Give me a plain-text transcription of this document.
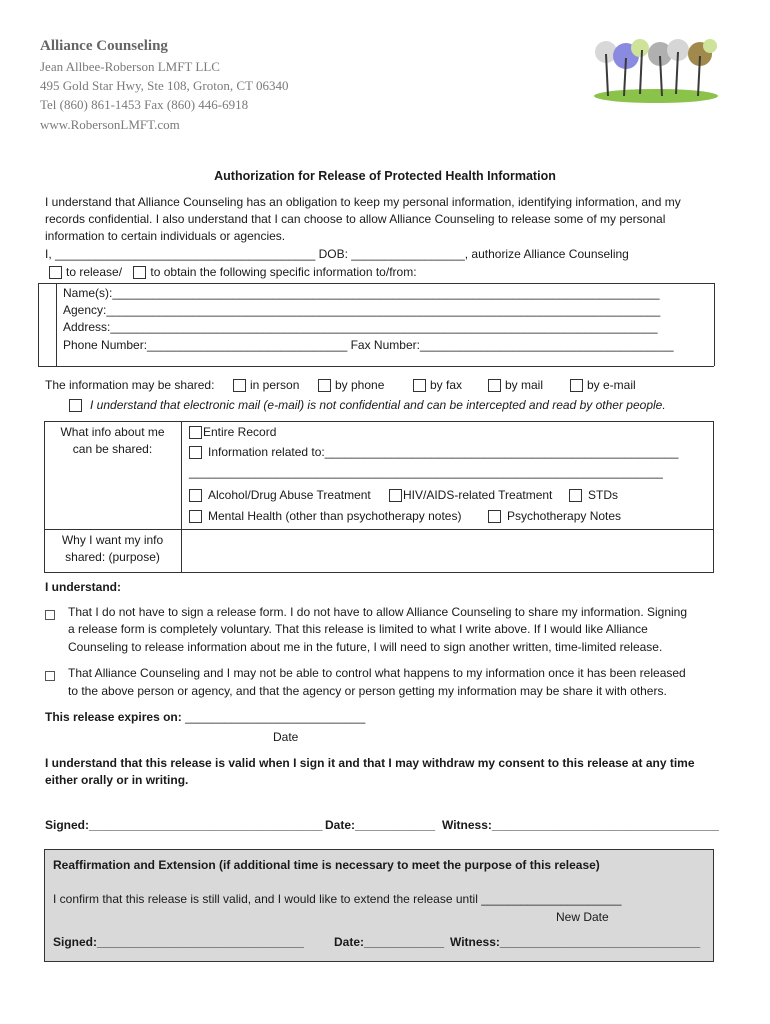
Alliance Counseling
Jean Allbee-Roberson LMFT LLC
495 Gold Star Hwy, Ste 108, Groton, CT 06340
Tel (860) 861-1453 Fax (860) 446-6918
www.RobersonLMFT.com
Authorization for Release of Protected Health Information
I understand that Alliance Counseling has an obligation to keep my personal information, identifying information, and my
records confidential. I also understand that I can choose to allow Alliance Counseling to release some of my personal
information to certain individuals or agencies.
I, _______________________________________ DOB: _________________, authorize Alliance Counseling
to release/ to obtain the following specific information to/from:
Name(s):__________________________________________________________________________________
Agency:___________________________________________________________________________________
Address:__________________________________________________________________________________
Phone Number:______________________________ Fax Number:______________________________________
The information may be shared:	in person	by phone	by fax	by mail	by e-mail
I understand that electronic mail (e-mail) is not confidential and can be intercepted and read by other people.
What info about me
can be shared:
Entire Record
Information related to:_____________________________________________________
_______________________________________________________________________
Alcohol/Drug Abuse Treatment	HIV/AIDS-related Treatment	STDs
Mental Health (other than psychotherapy notes)	Psychotherapy Notes
Why I want my info
shared: (purpose)
I understand:
That I do not have to sign a release form. I do not have to allow Alliance Counseling to share my information. Signing
a release form is completely voluntary. That this release is limited to what I write above. If I would like Alliance
Counseling to release information about me in the future, I will need to sign another written, time-limited release.
That Alliance Counseling and I may not be able to control what happens to my information once it has been released
to the above person or agency, and that the agency or person getting my information may be share it with others.
This release expires on: ___________________________
Date
I understand that this release is valid when I sign it and that I may withdraw my consent to this release at any time
either orally or in writing.
Signed:___________________________________ Date:____________ Witness:__________________________________
Reaffirmation and Extension (if additional time is necessary to meet the purpose of this release)
I confirm that this release is still valid, and I would like to extend the release until _____________________
New Date
Signed:_______________________________	Date:____________ Witness:______________________________
